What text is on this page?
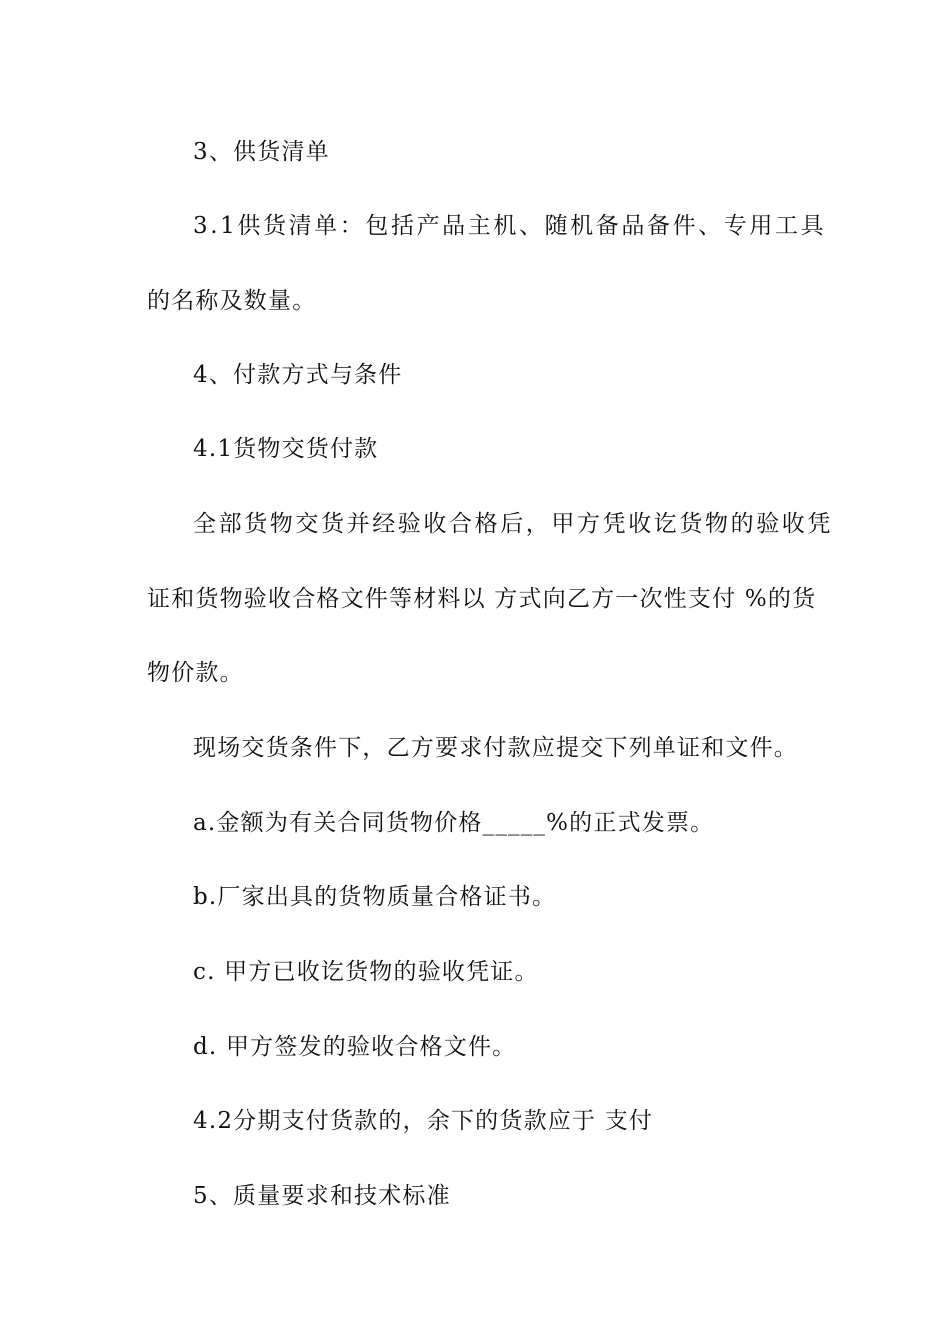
3、供货清单
3.1供货清单：包括产品主机、随机备品备件、专用工具
的名称及数量。
4、付款方式与条件
4.1货物交货付款
全部货物交货并经验收合格后，甲方凭收讫货物的验收凭
证和货物验收合格文件等材料以 方式向乙方一次性支付 %的货
物价款。
现场交货条件下，乙方要求付款应提交下列单证和文件。
a.金额为有关合同货物价格_____%的正式发票。
b.厂家出具的货物质量合格证书。
c. 甲方已收讫货物的验收凭证。
d. 甲方签发的验收合格文件。
4.2分期支付货款的，余下的货款应于 支付
5、质量要求和技术标准
